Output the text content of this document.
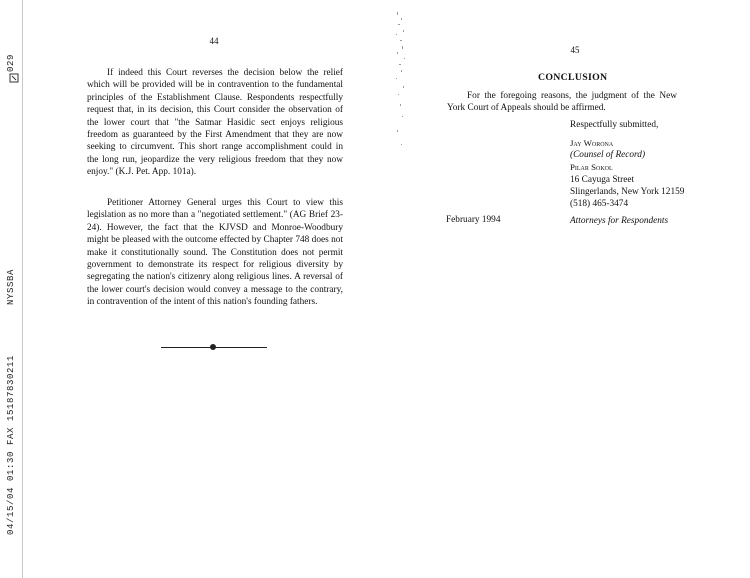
04/15/04 01:30 FAX 15187830211
NYSSBA
029
44

If indeed this Court reverses the decision below the relief which will be provided will be in contravention to the fundamental principles of the Establishment Clause. Respondents respectfully request that, in its decision, this Court consider the observation of the lower court that "the Satmar Hasidic sect enjoys religious freedom as guaranteed by the First Amendment that they are now seeking to circumvent. This short range accomplishment could in the long run, jeopardize the very religious freedom that they now enjoy." (K.J. Pet. App. 101a).

Petitioner Attorney General urges this Court to view this legislation as no more than a "negotiated settlement." (AG Brief 23-24). However, the fact that the KJVSD and Monroe-Woodbury might be pleased with the outcome effected by Chapter 748 does not make it constitutionally sound. The Constitution does not permit government to demonstrate its respect for religious diversity by segregating the nation's citizenry along religious lines. A reversal of the lower court's decision would convey a message to the contrary, in contravention of the intent of this nation's founding fathers.

45
CONCLUSION

For the foregoing reasons, the judgment of the New York Court of Appeals should be affirmed.

Respectfully submitted,
Jay Worona
(Counsel of Record)
Pilar Sokol
16 Cayuga Street
Slingerlands, New York 12159
(518) 465-3474
Attorneys for Respondents
February 1994
